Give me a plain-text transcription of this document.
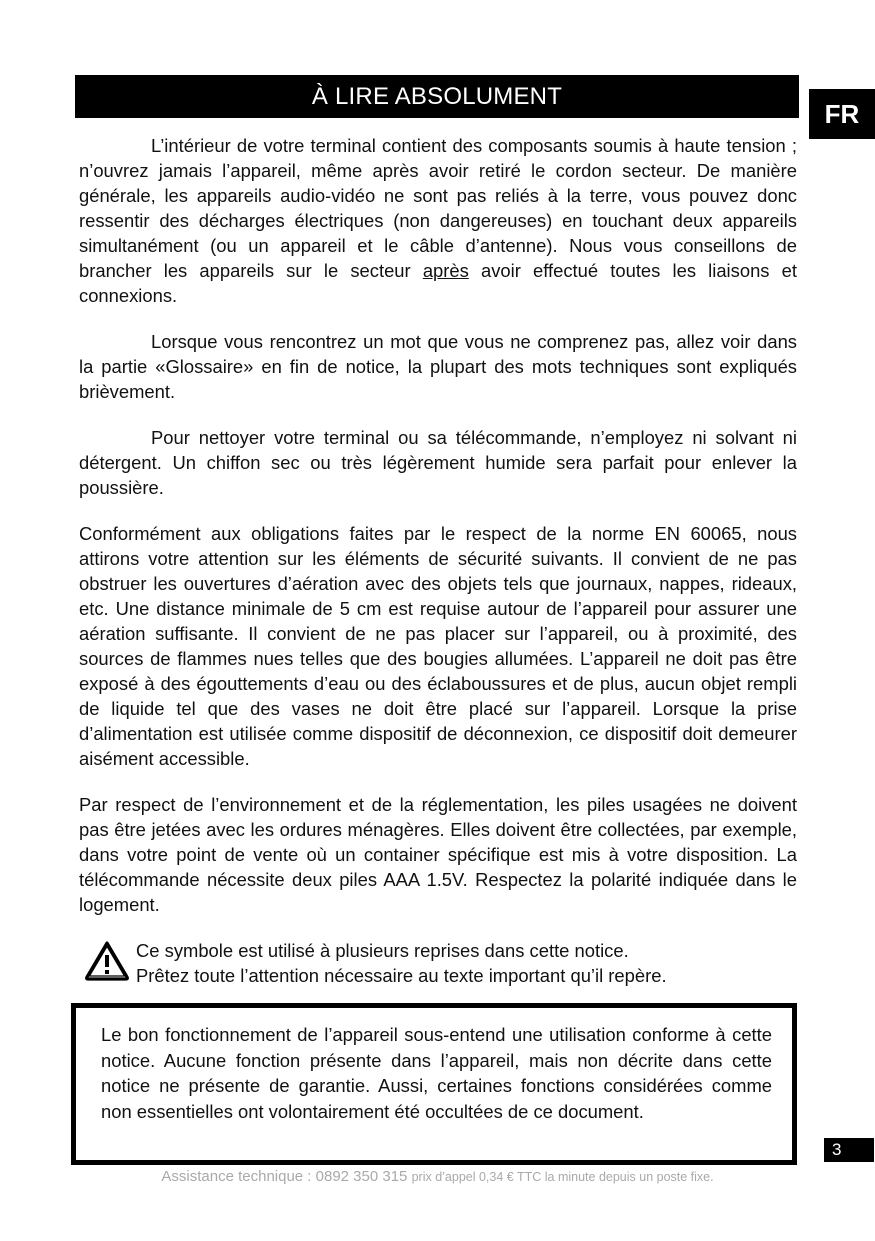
À LIRE ABSOLUMENT
FR

L’intérieur de votre terminal contient des composants soumis à haute tension ; n’ouvrez jamais l’appareil, même après avoir retiré le cordon secteur. De manière générale, les appareils audio-vidéo ne sont pas reliés à la terre, vous pouvez donc ressentir des décharges électriques (non dangereuses) en touchant deux appareils simultanément (ou un appareil et le câble d’antenne). Nous vous conseillons de brancher les appareils sur le secteur après avoir effectué toutes les liaisons et connexions.

Lorsque vous rencontrez un mot que vous ne comprenez pas, allez voir dans la partie «Glossaire» en fin de notice, la plupart des mots techniques sont expliqués brièvement.

Pour nettoyer votre terminal ou sa télécommande, n’employez ni solvant ni détergent. Un chiffon sec ou très légèrement humide sera parfait pour enlever la poussière.

Conformément aux obligations faites par le respect de la norme EN 60065, nous attirons votre attention sur les éléments de sécurité suivants. Il convient de ne pas obstruer les ouvertures d’aération avec des objets tels que journaux, nappes, rideaux, etc. Une distance minimale de 5 cm est requise autour de l’appareil pour assurer une aération suffisante. Il convient de ne pas placer sur l’appareil, ou à proximité, des sources de flammes nues telles que des bougies allumées. L’appareil ne doit pas être exposé à des égouttements d’eau ou des éclaboussures et de plus, aucun objet rempli de liquide tel que des vases ne doit être placé sur l’appareil. Lorsque la prise d’alimentation est utilisée comme dispositif de déconnexion, ce dispositif doit demeurer aisément accessible.

Par respect de l’environnement et de la réglementation, les piles usagées ne doivent pas être jetées avec les ordures ménagères. Elles doivent être collectées, par exemple, dans votre point de vente où un container spécifique est mis à votre disposition. La télécommande nécessite deux piles AAA 1.5V. Respectez la polarité indiquée dans le logement.

Ce symbole est utilisé à plusieurs reprises dans cette notice.
Prêtez toute l’attention nécessaire au texte important qu’il repère.
Le bon fonctionnement de l’appareil sous-entend une utilisation conforme à cette notice. Aucune fonction présente dans l’appareil, mais non décrite dans cette notice ne présente de garantie. Aussi, certaines fonctions considérées comme non essentielles ont volontairement été occultées de ce document.
3
Assistance technique : 0892 350 315 prix d’appel 0,34 € TTC la minute depuis un poste fixe.
